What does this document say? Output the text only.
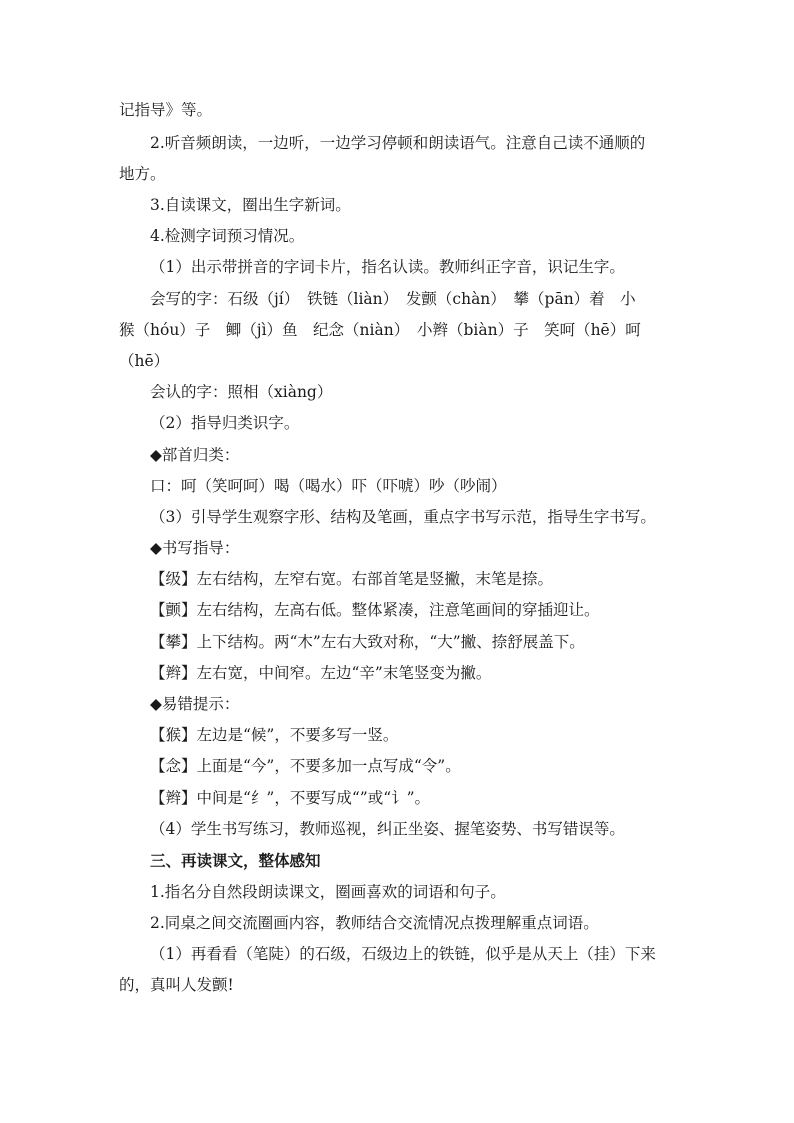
记指导》等。
2.听音频朗读，一边听，一边学习停顿和朗读语气。注意自己读不通顺的
地方。
3.自读课文，圈出生字新词。
4.检测字词预习情况。
（1）出示带拼音的字词卡片，指名认读。教师纠正字音，识记生字。
会写的字：石级（jí）　铁链（liàn）　发颤（chàn）　攀（pān）着　小
猴（hóu）子　鲫（jì）鱼　纪念（niàn）　小辫（biàn）子　笑呵（hē）呵
（hē）
会认的字：照相（xiàng）
（2）指导归类识字。
◆部首归类：
口：呵（笑呵呵）喝（喝水）吓（吓唬）吵（吵闹）
（3）引导学生观察字形、结构及笔画，重点字书写示范，指导生字书写。
◆书写指导：
【级】左右结构，左窄右宽。右部首笔是竖撇，末笔是捺。
【颤】左右结构，左高右低。整体紧凑，注意笔画间的穿插迎让。
【攀】上下结构。两“木”左右大致对称，“大”撇、捺舒展盖下。
【辫】左右宽，中间窄。左边“辛”末笔竖变为撇。
◆易错提示：
【猴】左边是“候”，不要多写一竖。
【念】上面是“今”，不要多加一点写成“令”。
【辫】中间是“纟”，不要写成“”或“讠”。
（4）学生书写练习，教师巡视，纠正坐姿、握笔姿势、书写错误等。
三、再读课文，整体感知
1.指名分自然段朗读课文，圈画喜欢的词语和句子。
2.同桌之间交流圈画内容，教师结合交流情况点拨理解重点词语。
（1）再看看（笔陡）的石级，石级边上的铁链，似乎是从天上（挂）下来
的，真叫人发颤!
